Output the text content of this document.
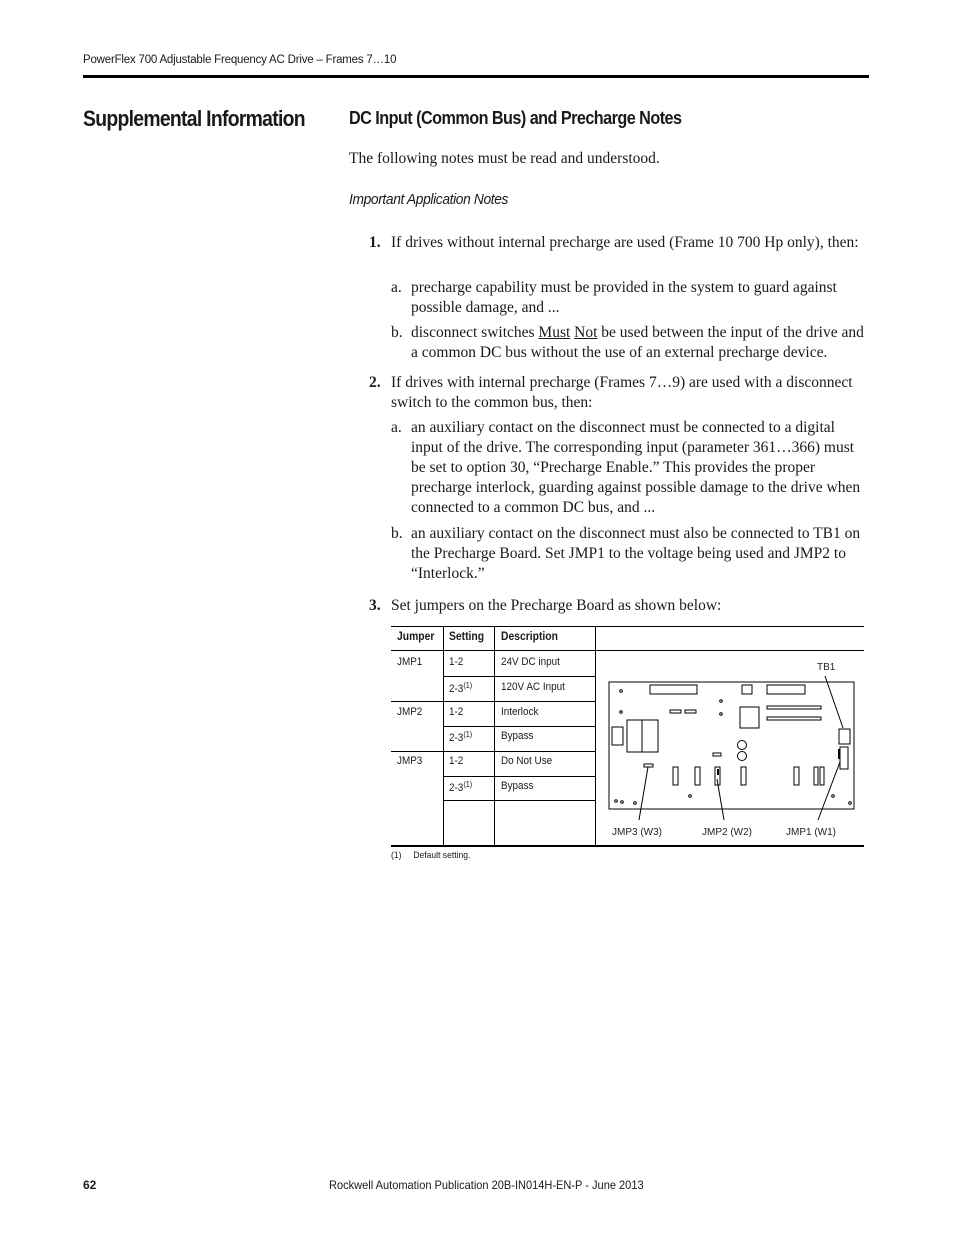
PowerFlex 700 Adjustable Frequency AC Drive – Frames 7…10
Supplemental Information DC Input (Common Bus) and Precharge Notes
The following notes must be read and understood.
Important Application Notes
1. If drives without internal precharge are used (Frame 10 700 Hp only), then:
a. precharge capability must be provided in the system to guard against possible damage, and ...
b. disconnect switches Must Not be used between the input of the drive and a common DC bus without the use of an external precharge device.
2. If drives with internal precharge (Frames 7…9) are used with a disconnect switch to the common bus, then:
a. an auxiliary contact on the disconnect must be connected to a digital input of the drive. The corresponding input (parameter 361…366) must be set to option 30, “Precharge Enable.” This provides the proper precharge interlock, guarding against possible damage to the drive when connected to a common DC bus, and ...
b. an auxiliary contact on the disconnect must also be connected to TB1 on the Precharge Board. Set JMP1 to the voltage being used and JMP2 to “Interlock.”
3. Set jumpers on the Precharge Board as shown below:
Jumper Setting Description
JMP1 1-2	24V DC input
2-3$^{(1)}$	120V AC Input
JMP2 1-2	Interlock
2-3$^{(1)}$	Bypass
JMP3 1-2	Do Not Use
2-3$^{(1)}$	Bypass
TB1
JMP3 (W3)	JMP2 (W2)	JMP1 (W1)
(1)     Default setting.
62	Rockwell Automation Publication 20B-IN014H-EN-P - June 2013
